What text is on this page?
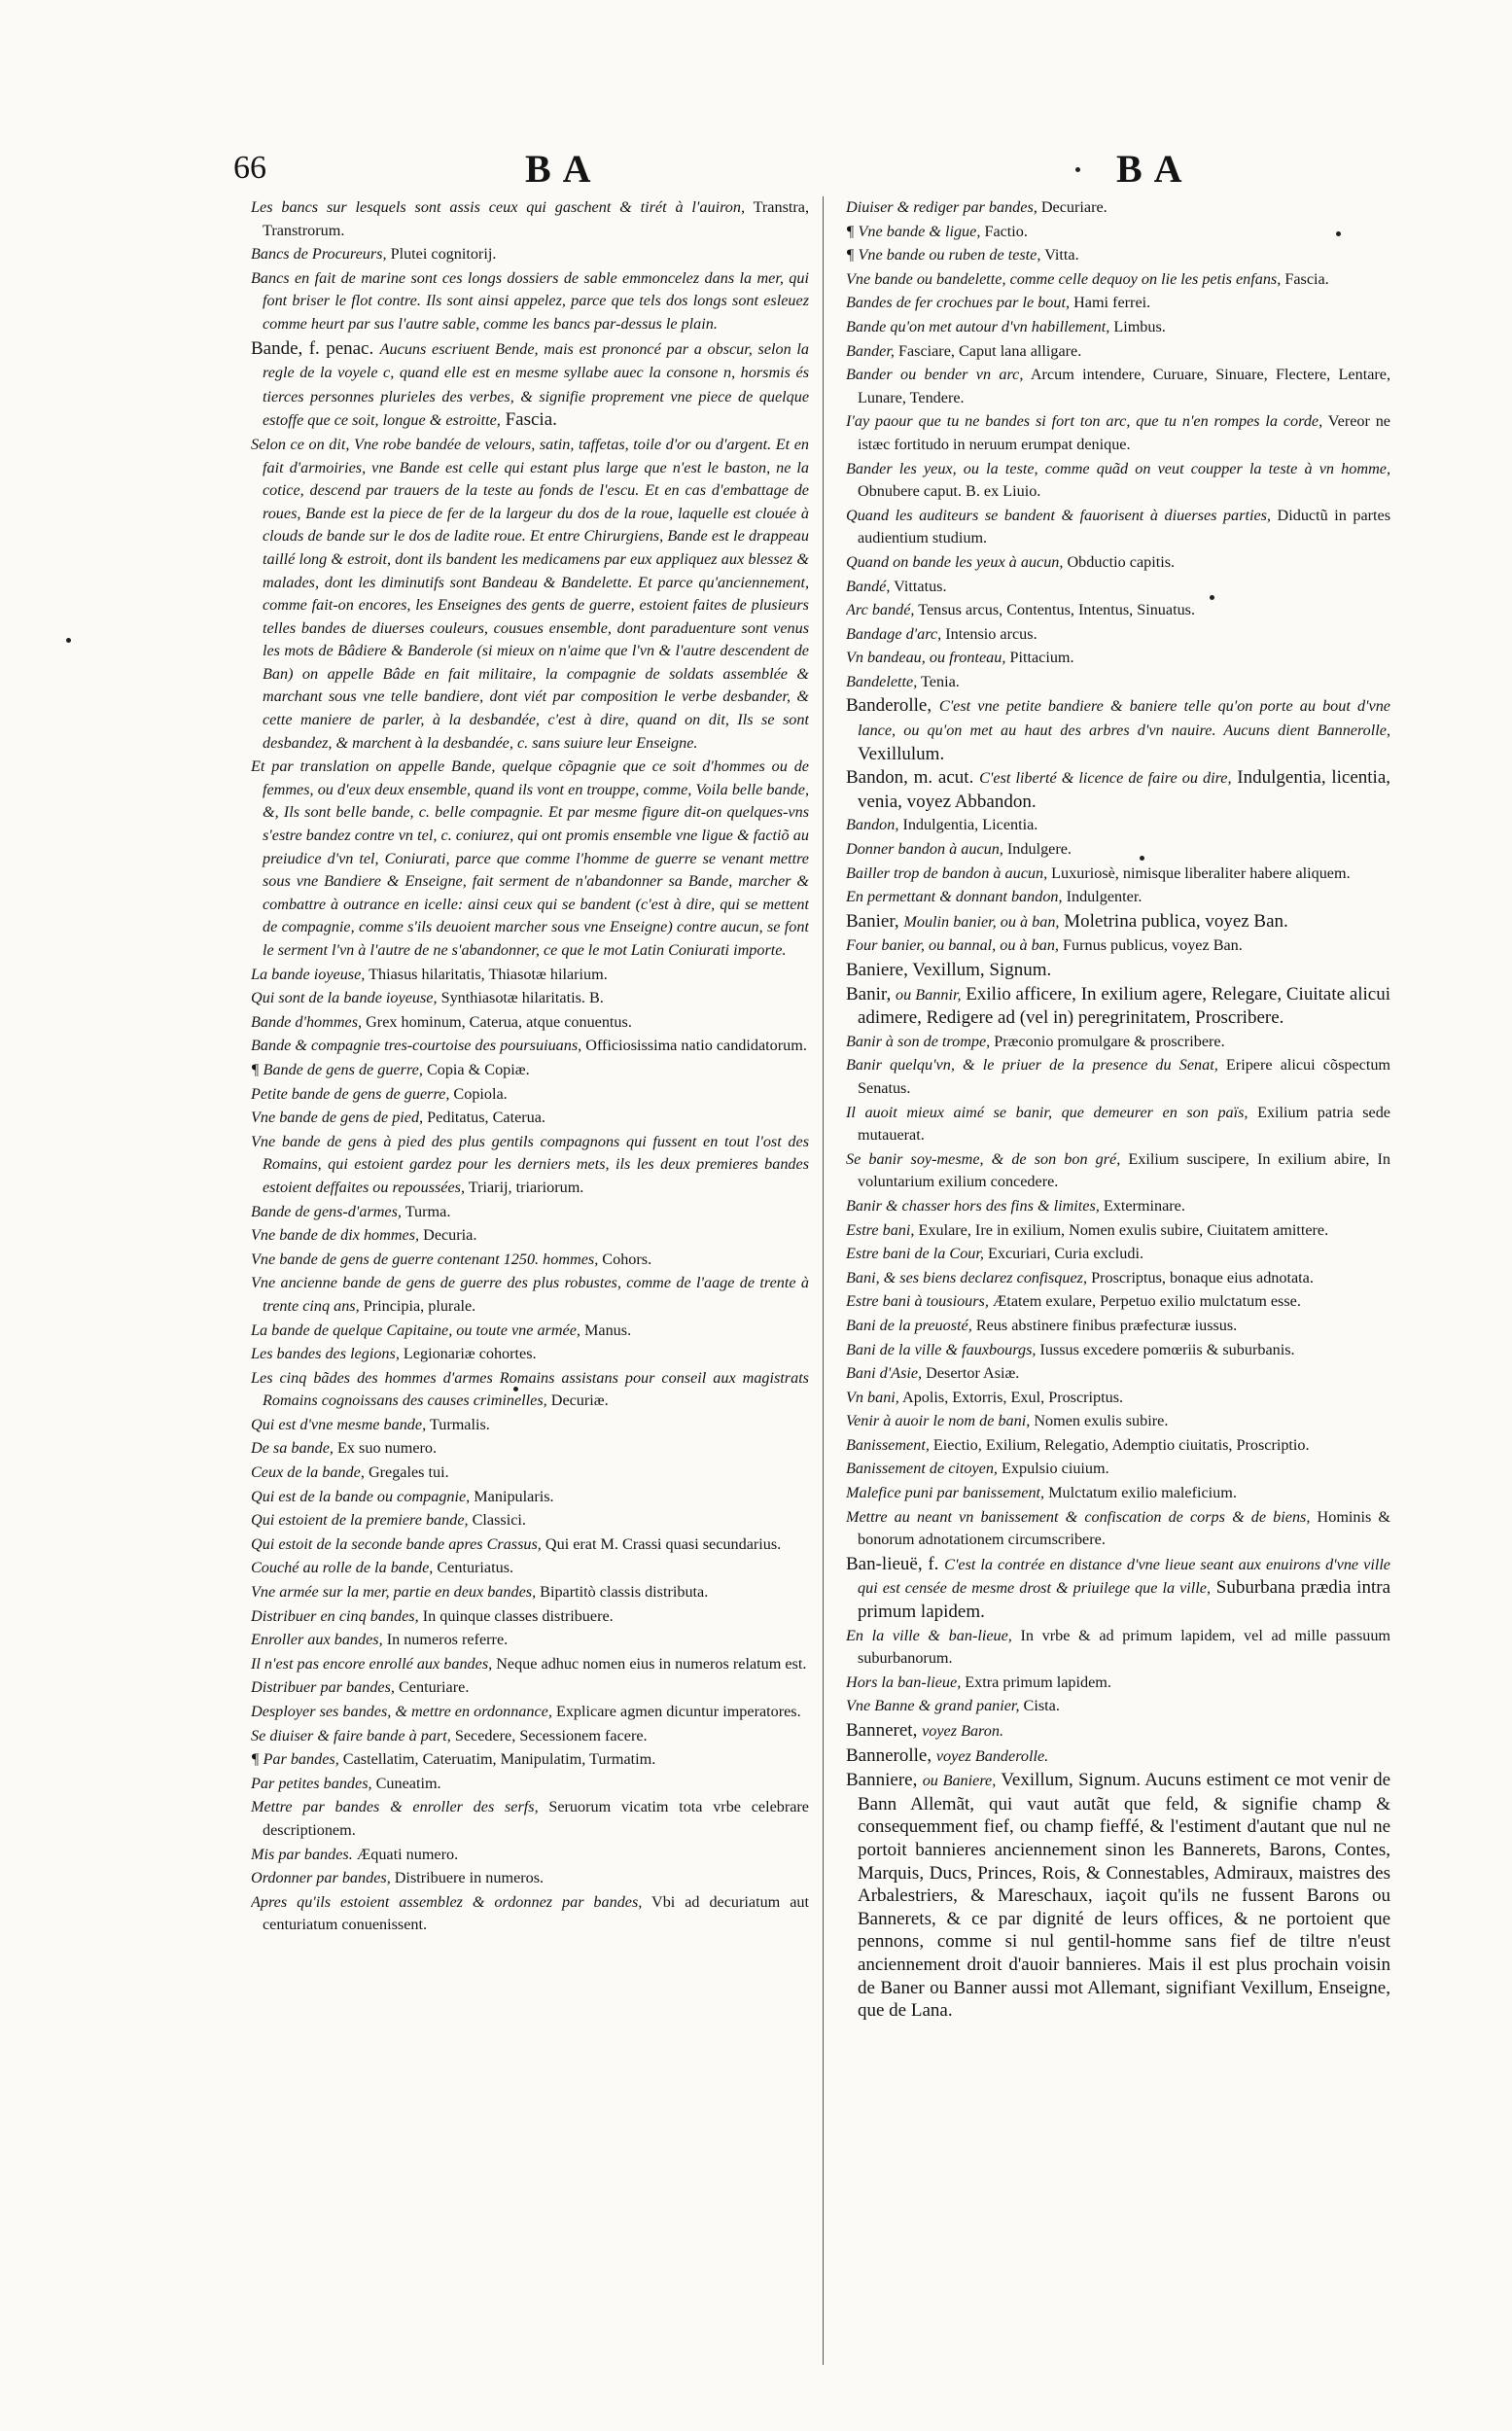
66	BA	BA

Les bancs sur lesquels sont assis ceux qui gaschent & tirét à l'auiron, Transtra, Transtrorum.

Bancs de Procureurs, Plutei cognitorij.

Bancs en fait de marine sont ces longs dossiers de sable emmoncelez dans la mer, qui font briser le flot contre. Ils sont ainsi appelez, parce que tels dos longs sont esleuez comme heurt par sus l'autre sable, comme les bancs par-dessus le plain.

Bande, f. penac. Aucuns escriuent Bende, mais est prononcé par a obscur, selon la regle de la voyele c, quand elle est en mesme syllabe auec la consone n, horsmis és tierces personnes plurieles des verbes, & signifie proprement vne piece de quelque estoffe que ce soit, longue & estroitte, Fascia.

Selon ce on dit, Vne robe bandée de velours, satin, taffetas, toile d'or ou d'argent. Et en fait d'armoiries, vne Bande est celle qui estant plus large que n'est le baston, ne la cotice, descend par trauers de la teste au fonds de l'escu. Et en cas d'embattage de roues, Bande est la piece de fer de la largeur du dos de la roue, laquelle est clouée à clouds de bande sur le dos de ladite roue. Et entre Chirurgiens, Bande est le drappeau taillé long & estroit, dont ils bandent les medicamens par eux appliquez aux blessez & malades, dont les diminutifs sont Bandeau & Bandelette. Et parce qu'anciennement, comme fait-on encores, les Enseignes des gents de guerre, estoient faites de plusieurs telles bandes de diuerses couleurs, cousues ensemble, dont paraduenture sont venus les mots de Bâdiere & Banderole (si mieux on n'aime que l'vn & l'autre descendent de Ban) on appelle Bâde en fait militaire, la compagnie de soldats assemblée & marchant sous vne telle bandiere, dont viét par composition le verbe desbander, & cette maniere de parler, à la desbandée, c'est à dire, quand on dit, Ils se sont desbandez, & marchent à la desbandée, c. sans suiure leur Enseigne.

Et par translation on appelle Bande, quelque cõpagnie que ce soit d'hommes ou de femmes, ou d'eux deux ensemble, quand ils vont en trouppe, comme, Voila belle bande, &, Ils sont belle bande, c. belle compagnie. Et par mesme figure dit-on quelques-vns s'estre bandez contre vn tel, c. coniurez, qui ont promis ensemble vne ligue & factiõ au preiudice d'vn tel, Coniurati, parce que comme l'homme de guerre se venant mettre sous vne Bandiere & Enseigne, fait serment de n'abandonner sa Bande, marcher & combattre à outrance en icelle: ainsi ceux qui se bandent (c'est à dire, qui se mettent de compagnie, comme s'ils deuoient marcher sous vne Enseigne) contre aucun, se font le serment l'vn à l'autre de ne s'abandonner, ce que le mot Latin Coniurati importe.

La bande ioyeuse, Thiasus hilaritatis, Thiasotæ hilarium.

Qui sont de la bande ioyeuse, Synthiasotæ hilaritatis. B.

Bande d'hommes, Grex hominum, Caterua, atque conuentus.

Bande & compagnie tres-courtoise des poursuiuans, Officiosissima natio candidatorum.

¶ Bande de gens de guerre, Copia & Copiæ.

Petite bande de gens de guerre, Copiola.

Vne bande de gens de pied, Peditatus, Caterua.

Vne bande de gens à pied des plus gentils compagnons qui fussent en tout l'ost des Romains, qui estoient gardez pour les derniers mets, ils les deux premieres bandes estoient deffaites ou repoussées, Triarij, triariorum.

Bande de gens-d'armes, Turma.

Vne bande de dix hommes, Decuria.

Vne bande de gens de guerre contenant 1250. hommes, Cohors.

Vne ancienne bande de gens de guerre des plus robustes, comme de l'aage de trente à trente cinq ans, Principia, plurale.

La bande de quelque Capitaine, ou toute vne armée, Manus.

Les bandes des legions, Legionariæ cohortes.

Les cinq bãdes des hommes d'armes Romains assistans pour conseil aux magistrats Romains cognoissans des causes criminelles, Decuriæ.

Qui est d'vne mesme bande, Turmalis.

De sa bande, Ex suo numero.

Ceux de la bande, Gregales tui.

Qui est de la bande ou compagnie, Manipularis.

Qui estoient de la premiere bande, Classici.

Qui estoit de la seconde bande apres Crassus, Qui erat M. Crassi quasi secundarius.

Couché au rolle de la bande, Centuriatus.

Vne armée sur la mer, partie en deux bandes, Bipartitò classis distributa.

Distribuer en cinq bandes, In quinque classes distribuere.

Enroller aux bandes, In numeros referre.

Il n'est pas encore enrollé aux bandes, Neque adhuc nomen eius in numeros relatum est.

Distribuer par bandes, Centuriare.

Desployer ses bandes, & mettre en ordonnance, Explicare agmen dicuntur imperatores.

Se diuiser & faire bande à part, Secedere, Secessionem facere.

¶ Par bandes, Castellatim, Cateruatim, Manipulatim, Turmatim.

Par petites bandes, Cuneatim.

Mettre par bandes & enroller des serfs, Seruorum vicatim tota vrbe celebrare descriptionem.

Mis par bandes. Æquati numero.

Ordonner par bandes, Distribuere in numeros.

Apres qu'ils estoient assemblez & ordonnez par bandes, Vbi ad decuriatum aut centuriatum conuenissent.

Diuiser & rediger par bandes, Decuriare.

¶ Vne bande & ligue, Factio.

¶ Vne bande ou ruben de teste, Vitta.

Vne bande ou bandelette, comme celle dequoy on lie les petis enfans, Fascia.

Bandes de fer crochues par le bout, Hami ferrei.

Bande qu'on met autour d'vn habillement, Limbus.

Bander, Fasciare, Caput lana alligare.

Bander ou bender vn arc, Arcum intendere, Curuare, Sinuare, Flectere, Lentare, Lunare, Tendere.

I'ay paour que tu ne bandes si fort ton arc, que tu n'en rompes la corde, Vereor ne istæc fortitudo in neruum erumpat denique.

Bander les yeux, ou la teste, comme quãd on veut coupper la teste à vn homme, Obnubere caput. B. ex Liuio.

Quand les auditeurs se bandent & fauorisent à diuerses parties, Diductũ in partes audientium studium.

Quand on bande les yeux à aucun, Obductio capitis.

Bandé, Vittatus.

Arc bandé, Tensus arcus, Contentus, Intentus, Sinuatus.

Bandage d'arc, Intensio arcus.

Vn bandeau, ou fronteau, Pittacium.

Bandelette, Tenia.

Banderolle, C'est vne petite bandiere & baniere telle qu'on porte au bout d'vne lance, ou qu'on met au haut des arbres d'vn nauire. Aucuns dient Bannerolle, Vexillulum.

Bandon, m. acut. C'est liberté & licence de faire ou dire, Indulgentia, licentia, venia, voyez Abbandon.

Bandon, Indulgentia, Licentia.

Donner bandon à aucun, Indulgere.

Bailler trop de bandon à aucun, Luxuriosè, nimisque liberaliter habere aliquem.

En permettant & donnant bandon, Indulgenter.

Banier, Moulin banier, ou à ban, Moletrina publica, voyez Ban.

Four banier, ou bannal, ou à ban, Furnus publicus, voyez Ban.

Baniere, Vexillum, Signum.

Banir, ou Bannir, Exilio afficere, In exilium agere, Relegare, Ciuitate alicui adimere, Redigere ad (vel in) peregrinitatem, Proscribere.

Banir à son de trompe, Præconio promulgare & proscribere.

Banir quelqu'vn, & le priuer de la presence du Senat, Eripere alicui cõspectum Senatus.

Il auoit mieux aimé se banir, que demeurer en son païs, Exilium patria sede mutauerat.

Se banir soy-mesme, & de son bon gré, Exilium suscipere, In exilium abire, In voluntarium exilium concedere.

Banir & chasser hors des fins & limites, Exterminare.

Estre bani, Exulare, Ire in exilium, Nomen exulis subire, Ciuitatem amittere.

Estre bani de la Cour, Excuriari, Curia excludi.

Bani, & ses biens declarez confisquez, Proscriptus, bonaque eius adnotata.

Estre bani à tousiours, Ætatem exulare, Perpetuo exilio mulctatum esse.

Bani de la preuosté, Reus abstinere finibus præfecturæ iussus.

Bani de la ville & fauxbourgs, Iussus excedere pomœriis & suburbanis.

Bani d'Asie, Desertor Asiæ.

Vn bani, Apolis, Extorris, Exul, Proscriptus.

Venir à auoir le nom de bani, Nomen exulis subire.

Banissement, Eiectio, Exilium, Relegatio, Ademptio ciuitatis, Proscriptio.

Banissement de citoyen, Expulsio ciuium.

Malefice puni par banissement, Mulctatum exilio maleficium.

Mettre au neant vn banissement & confiscation de corps & de biens, Hominis & bonorum adnotationem circumscribere.

Ban-lieuë, f. C'est la contrée en distance d'vne lieue seant aux enuirons d'vne ville qui est censée de mesme drost & priuilege que la ville, Suburbana prædia intra primum lapidem.

En la ville & ban-lieue, In vrbe & ad primum lapidem, vel ad mille passuum suburbanorum.

Hors la ban-lieue, Extra primum lapidem.

Vne Banne & grand panier, Cista.

Banneret, voyez Baron.

Bannerolle, voyez Banderolle.

Banniere, ou Baniere, Vexillum, Signum. Aucuns estiment ce mot venir de Bann Allemãt, qui vaut autãt que feld, & signifie champ & consequemment fief, ou champ fieffé, & l'estiment d'autant que nul ne portoit bannieres anciennement sinon les Bannerets, Barons, Contes, Marquis, Ducs, Princes, Rois, & Connestables, Admiraux, maistres des Arbalestriers, & Mareschaux, iaçoit qu'ils ne fussent Barons ou Bannerets, & ce par dignité de leurs offices, & ne portoient que pennons, comme si nul gentil-homme sans fief de tiltre n'eust anciennement droit d'auoir bannieres. Mais il est plus prochain voisin de Baner ou Banner aussi mot Allemant, signifiant Vexillum, Enseigne, que de Lana.
